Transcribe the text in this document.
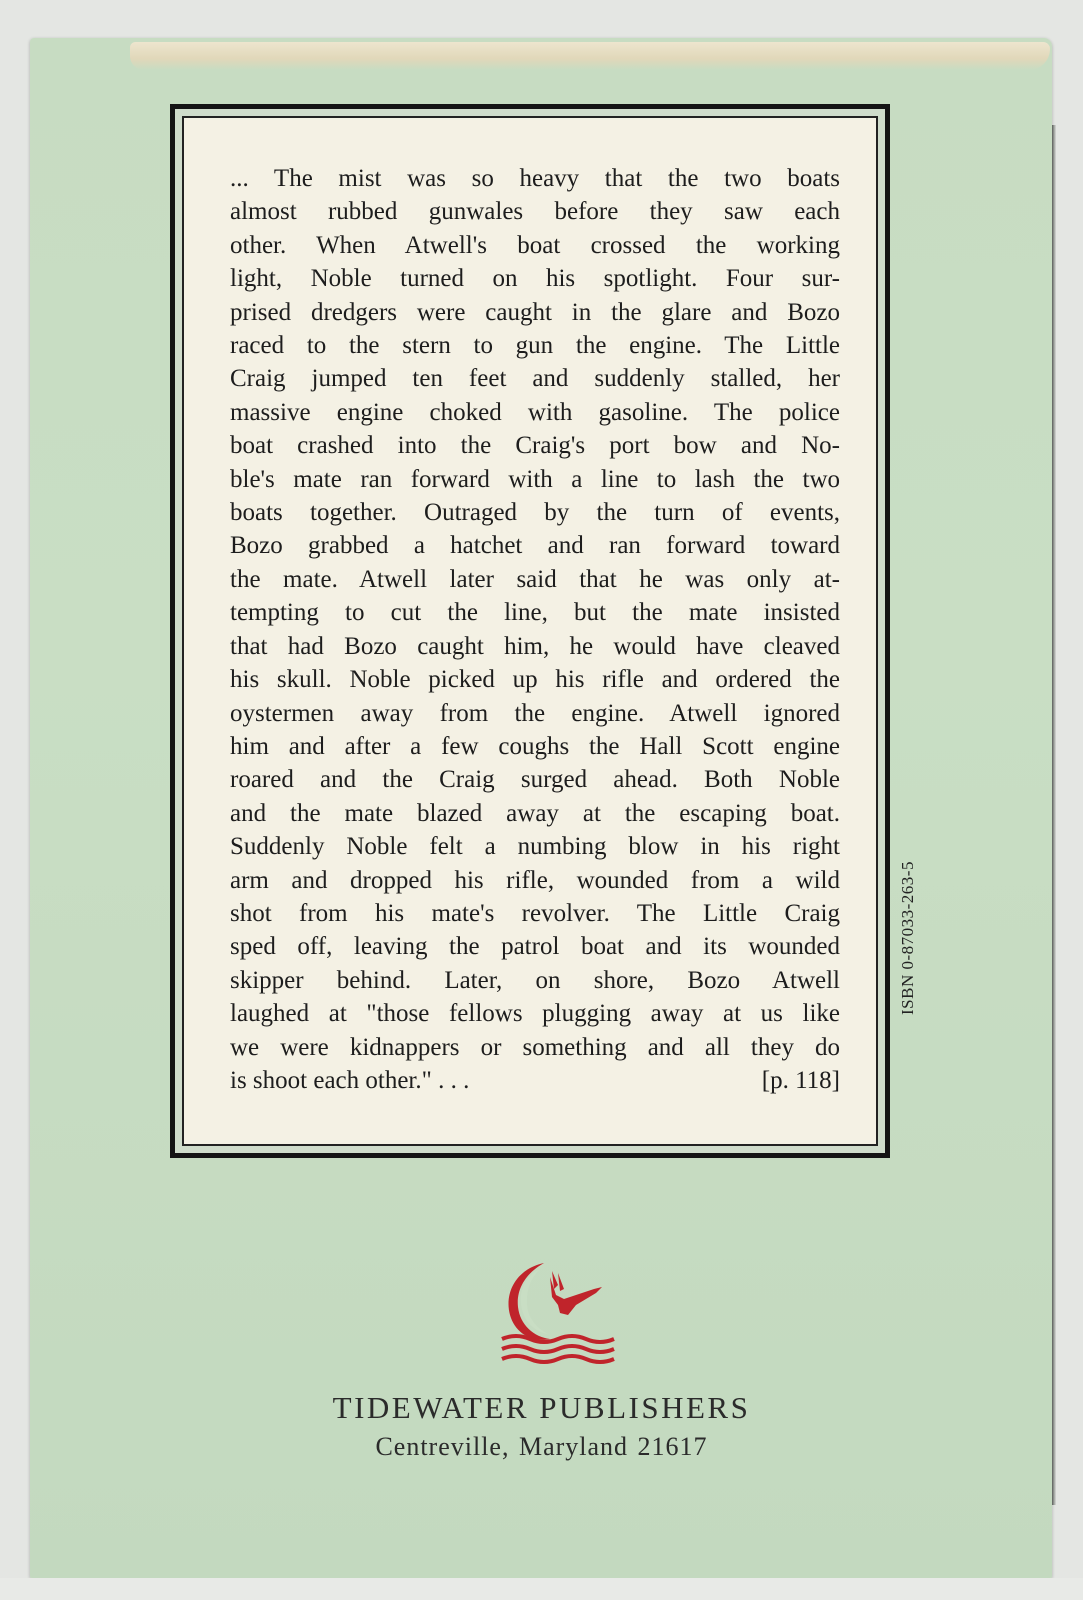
... The mist was so heavy that the two boats
almost rubbed gunwales before they saw each
other. When Atwell's boat crossed the working
light, Noble turned on his spotlight. Four sur-
prised dredgers were caught in the glare and Bozo
raced to the stern to gun the engine. The Little
Craig jumped ten feet and suddenly stalled, her
massive engine choked with gasoline. The police
boat crashed into the Craig's port bow and No-
ble's mate ran forward with a line to lash the two
boats together. Outraged by the turn of events,
Bozo grabbed a hatchet and ran forward toward
the mate. Atwell later said that he was only at-
tempting to cut the line, but the mate insisted
that had Bozo caught him, he would have cleaved
his skull. Noble picked up his rifle and ordered the
oystermen away from the engine. Atwell ignored
him and after a few coughs the Hall Scott engine
roared and the Craig surged ahead. Both Noble
and the mate blazed away at the escaping boat.
Suddenly Noble felt a numbing blow in his right
arm and dropped his rifle, wounded from a wild
shot from his mate's revolver. The Little Craig
sped off, leaving the patrol boat and its wounded
skipper behind. Later, on shore, Bozo Atwell
laughed at "those fellows plugging away at us like
we were kidnappers or something and all they do
is shoot each other." . . .	[p. 118]
ISBN 0-87033-263-5
TIDEWATER PUBLISHERS
Centreville, Maryland 21617
